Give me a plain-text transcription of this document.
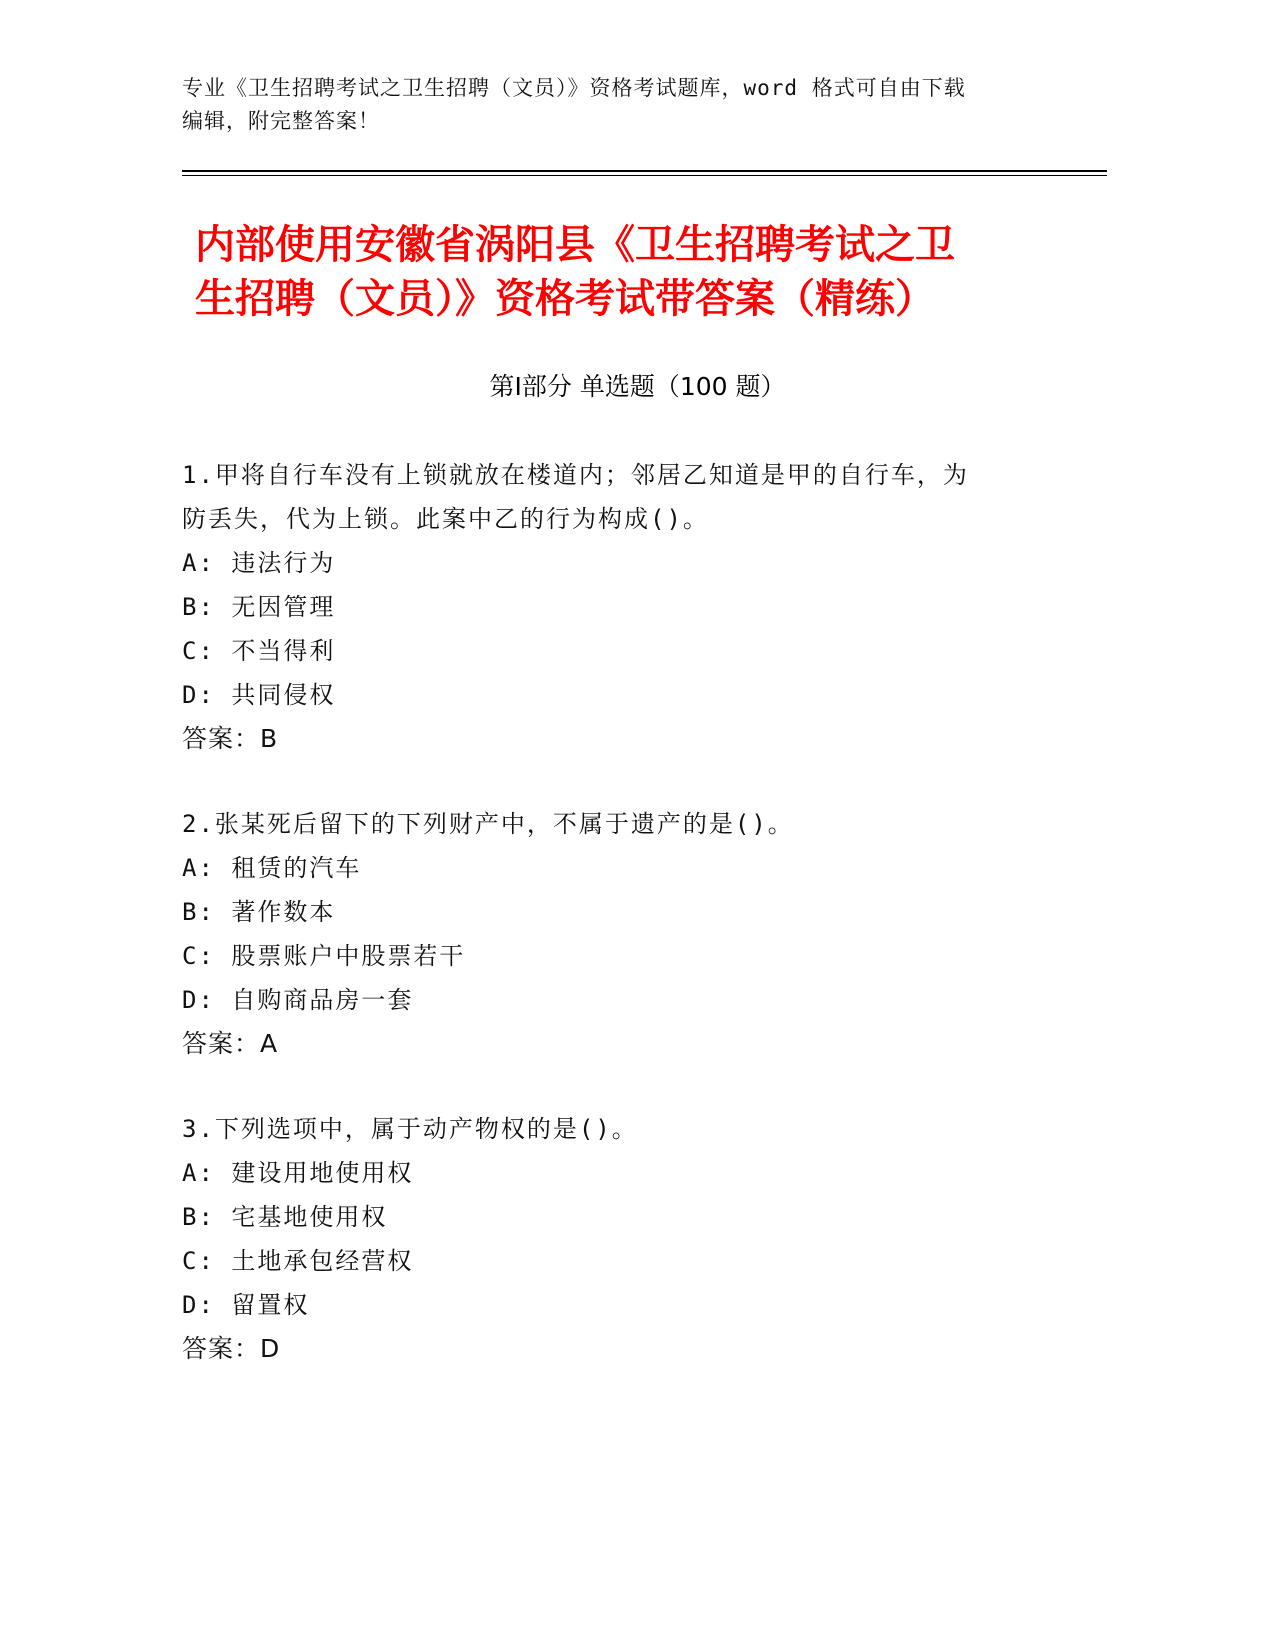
专业《卫生招聘考试之卫生招聘（文员）》资格考试题库，word 格式可自由下载
编辑，附完整答案！
内部使用安徽省涡阳县《卫生招聘考试之卫
生招聘（文员）》资格考试带答案（精练）
第Ⅰ部分 单选题（100 题）
1.甲将自行车没有上锁就放在楼道内；邻居乙知道是甲的自行车，为
防丢失，代为上锁。此案中乙的行为构成()。
A: 违法行为
B: 无因管理
C: 不当得利
D: 共同侵权
答案：B
2.张某死后留下的下列财产中，不属于遗产的是()。
A: 租赁的汽车
B: 著作数本
C: 股票账户中股票若干
D: 自购商品房一套
答案：A
3.下列选项中，属于动产物权的是()。
A: 建设用地使用权
B: 宅基地使用权
C: 土地承包经营权
D: 留置权
答案：D
